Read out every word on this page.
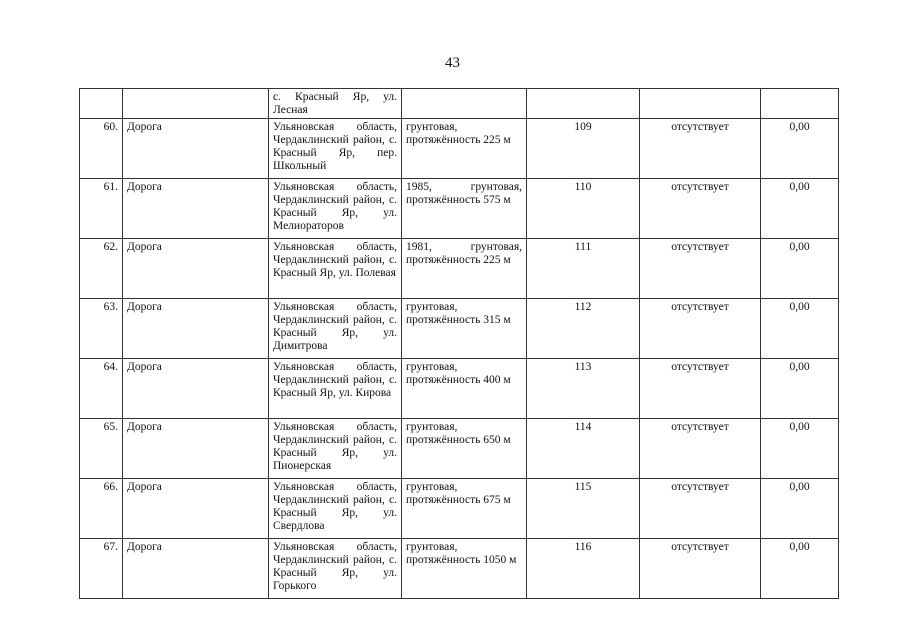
43
		с. Красный Яр, ул. Лесная				
60.	Дорога	Ульяновская область, Чердаклинский район, с. Красный Яр, пер. Школьный	грунтовая, протяжённость 225 м	109	отсутствует	0,00
61.	Дорога	Ульяновская область, Чердаклинский район, с. Красный Яр, ул. Мелиораторов	1985, грунтовая, протяжённость 575 м	110	отсутствует	0,00
62.	Дорога	Ульяновская область, Чердаклинский район, с. Красный Яр, ул. Полевая	1981, грунтовая, протяжённость 225 м	111	отсутствует	0,00
63.	Дорога	Ульяновская область, Чердаклинский район, с. Красный Яр, ул. Димитрова	грунтовая, протяжённость 315 м	112	отсутствует	0,00
64.	Дорога	Ульяновская область, Чердаклинский район, с. Красный Яр, ул. Кирова	грунтовая, протяжённость 400 м	113	отсутствует	0,00
65.	Дорога	Ульяновская область, Чердаклинский район, с. Красный Яр, ул. Пионерская	грунтовая, протяжённость 650 м	114	отсутствует	0,00
66.	Дорога	Ульяновская область, Чердаклинский район, с. Красный Яр, ул. Свердлова	грунтовая, протяжённость 675 м	115	отсутствует	0,00
67.	Дорога	Ульяновская область, Чердаклинский район, с. Красный Яр, ул. Горького	грунтовая, протяжённость 1050 м	116	отсутствует	0,00
